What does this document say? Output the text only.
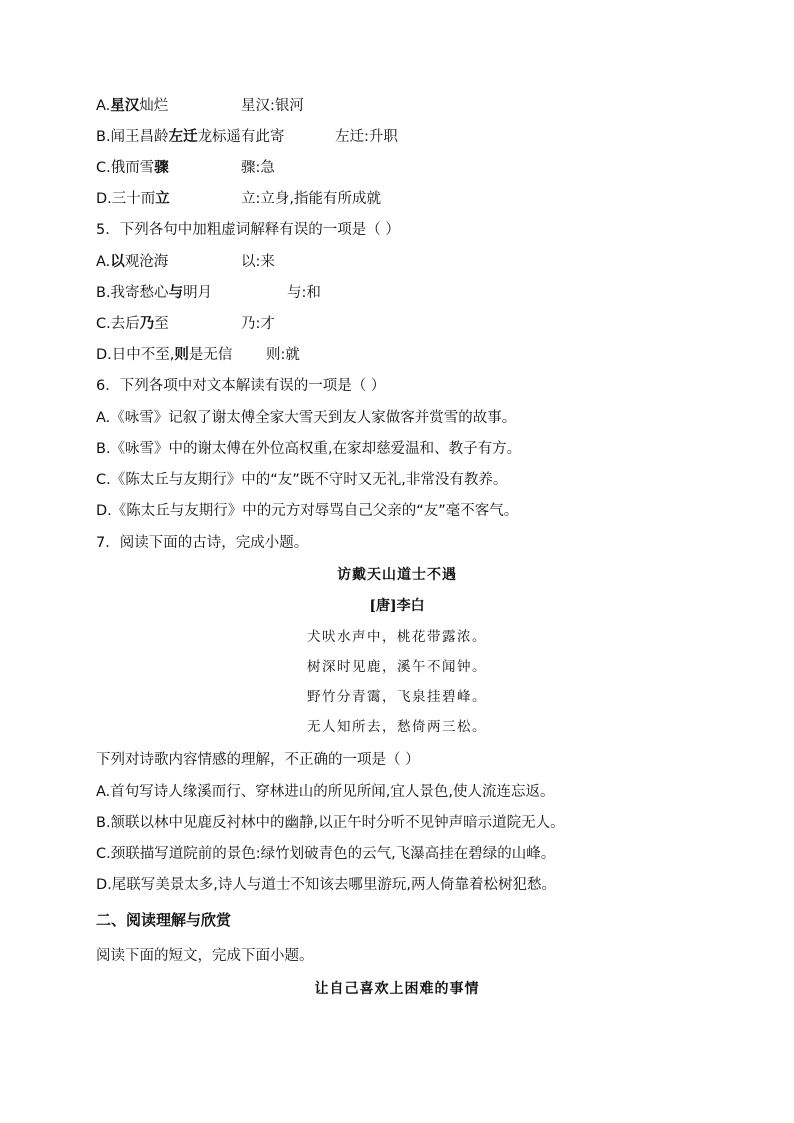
A.星汉灿烂	星汉:银河
B.闻王昌龄左迁龙标遥有此寄	左迁:升职
C.俄而雪骤	骤:急
D.三十而立	立:立身,指能有所成就
5．下列各句中加粗虚词解释有误的一项是（ ）
A.以观沧海	以:来
B.我寄愁心与明月	与:和
C.去后乃至	乃:才
D.日中不至,则是无信 则:就
6．下列各项中对文本解读有误的一项是（ ）
A.《咏雪》记叙了谢太傅全家大雪天到友人家做客并赏雪的故事。
B.《咏雪》中的谢太傅在外位高权重,在家却慈爱温和、教子有方。
C.《陈太丘与友期行》中的“友”既不守时又无礼,非常没有教养。
D.《陈太丘与友期行》中的元方对辱骂自己父亲的“友”毫不客气。
7．阅读下面的古诗，完成小题。
访戴天山道士不遇
[唐]李白
犬吠水声中，桃花带露浓。
树深时见鹿，溪午不闻钟。
野竹分青霭，飞泉挂碧峰。
无人知所去，愁倚两三松。
下列对诗歌内容情感的理解，不正确的一项是（ ）
A.首句写诗人缘溪而行、穿林进山的所见所闻,宜人景色,使人流连忘返。
B.颔联以林中见鹿反衬林中的幽静,以正午时分听不见钟声暗示道院无人。
C.颈联描写道院前的景色:绿竹划破青色的云气,飞瀑高挂在碧绿的山峰。
D.尾联写美景太多,诗人与道士不知该去哪里游玩,两人倚靠着松树犯愁。
二、阅读理解与欣赏
阅读下面的短文，完成下面小题。
让自己喜欢上困难的事情
